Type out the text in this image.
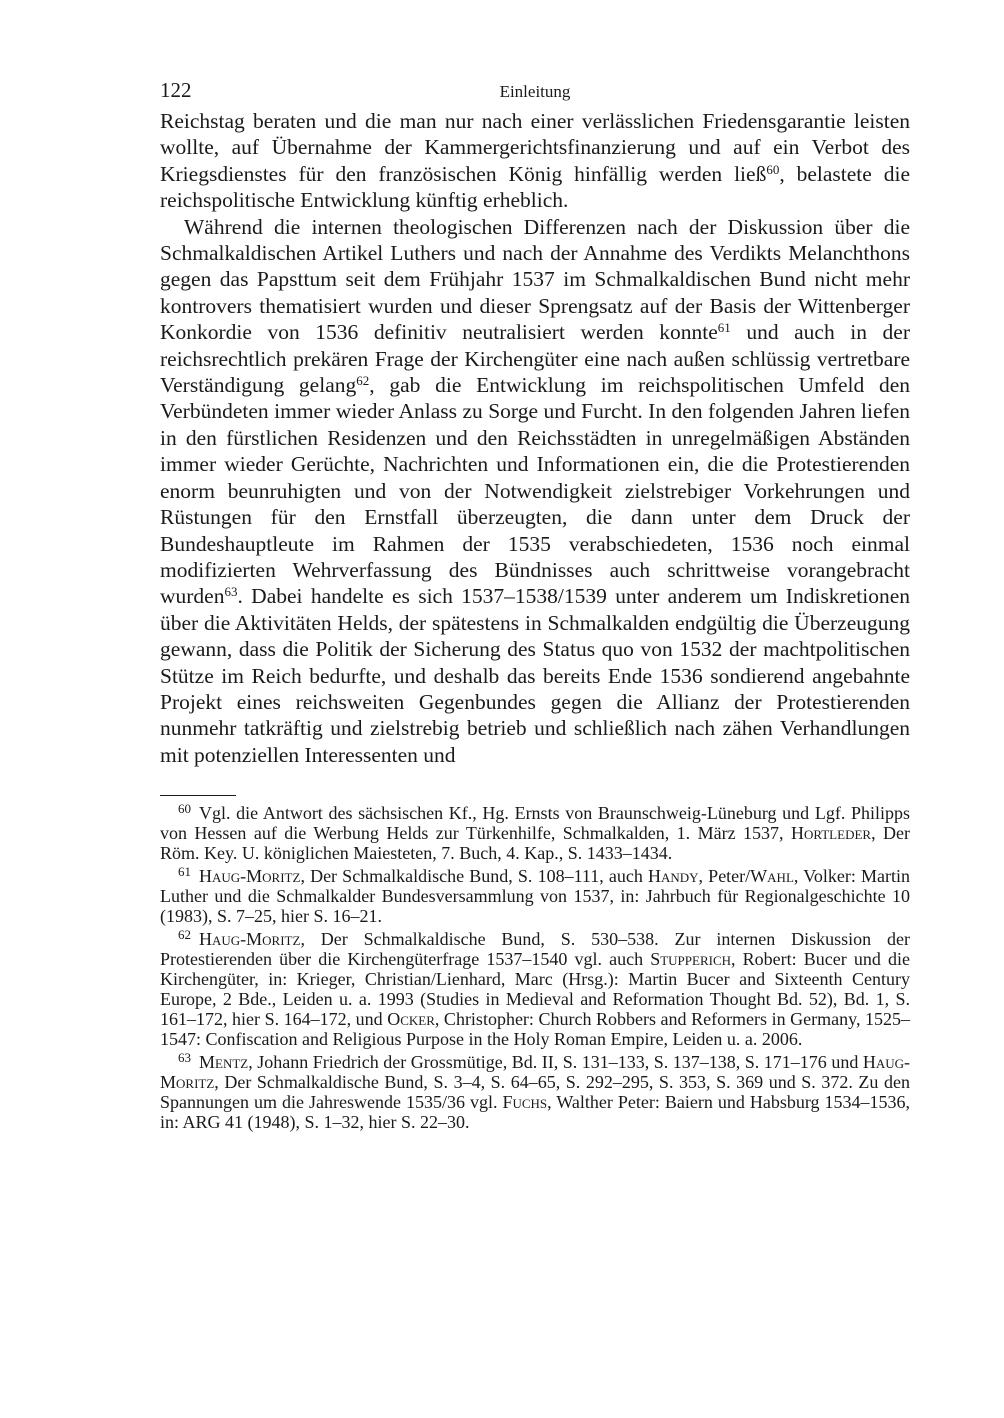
122	Einleitung

Reichstag beraten und die man nur nach einer verlässlichen Friedensgarantie leisten wollte, auf Übernahme der Kammergerichtsfinanzierung und auf ein Verbot des Kriegsdienstes für den französischen König hinfällig werden ließ$^{60}$, belastete die reichspolitische Entwicklung künftig erheblich.

Während die internen theologischen Differenzen nach der Diskussion über die Schmalkaldischen Artikel Luthers und nach der Annahme des Verdikts Melanchthons gegen das Papsttum seit dem Frühjahr 1537 im Schmalkaldischen Bund nicht mehr kontrovers thematisiert wurden und dieser Sprengsatz auf der Basis der Wittenberger Konkordie von 1536 definitiv neutralisiert werden konnte$^{61}$ und auch in der reichsrechtlich prekären Frage der Kirchengüter eine nach außen schlüssig vertretbare Verständigung gelang$^{62}$, gab die Entwicklung im reichspolitischen Umfeld den Verbündeten immer wieder Anlass zu Sorge und Furcht. In den folgenden Jahren liefen in den fürstlichen Residenzen und den Reichsstädten in unregelmäßigen Abständen immer wieder Gerüchte, Nachrichten und Informationen ein, die die Protestierenden enorm beunruhigten und von der Notwendigkeit zielstrebiger Vorkehrungen und Rüstungen für den Ernstfall überzeugten, die dann unter dem Druck der Bundeshauptleute im Rahmen der 1535 verabschiedeten, 1536 noch einmal modifizierten Wehrverfassung des Bündnisses auch schrittweise vorangebracht wurden$^{63}$. Dabei handelte es sich 1537–1538/1539 unter anderem um Indiskretionen über die Aktivitäten Helds, der spätestens in Schmalkalden endgültig die Überzeugung gewann, dass die Politik der Sicherung des Status quo von 1532 der machtpolitischen Stütze im Reich bedurfte, und deshalb das bereits Ende 1536 sondierend angebahnte Projekt eines reichsweiten Gegenbundes gegen die Allianz der Protestierenden nunmehr tatkräftig und zielstrebig betrieb und schließlich nach zähen Verhandlungen mit potenziellen Interessenten und

$^{60}$ Vgl. die Antwort des sächsischen Kf., Hg. Ernsts von Braunschweig-Lüneburg und Lgf. Philipps von Hessen auf die Werbung Helds zur Türkenhilfe, Schmalkalden, 1. März 1537, Hortleder, Der Röm. Key. U. königlichen Maiesteten, 7. Buch, 4. Kap., S. 1433–1434.

$^{61}$ Haug-Moritz, Der Schmalkaldische Bund, S. 108–111, auch Handy, Peter/Wahl, Volker: Martin Luther und die Schmalkalder Bundesversammlung von 1537, in: Jahrbuch für Regionalgeschichte 10 (1983), S. 7–25, hier S. 16–21.

$^{62}$ Haug-Moritz, Der Schmalkaldische Bund, S. 530–538. Zur internen Diskussion der Protestierenden über die Kirchengüterfrage 1537–1540 vgl. auch Stupperich, Robert: Bucer und die Kirchengüter, in: Krieger, Christian/Lienhard, Marc (Hrsg.): Martin Bucer and Sixteenth Century Europe, 2 Bde., Leiden u. a. 1993 (Studies in Medieval and Reformation Thought Bd. 52), Bd. 1, S. 161–172, hier S. 164–172, und Ocker, Christopher: Church Robbers and Reformers in Germany, 1525–1547: Confiscation and Religious Purpose in the Holy Roman Empire, Leiden u. a. 2006.

$^{63}$ Mentz, Johann Friedrich der Grossmütige, Bd. II, S. 131–133, S. 137–138, S. 171–176 und Haug-Moritz, Der Schmalkaldische Bund, S. 3–4, S. 64–65, S. 292–295, S. 353, S. 369 und S. 372. Zu den Spannungen um die Jahreswende 1535/36 vgl. Fuchs, Walther Peter: Baiern und Habsburg 1534–1536, in: ARG 41 (1948), S. 1–32, hier S. 22–30.
